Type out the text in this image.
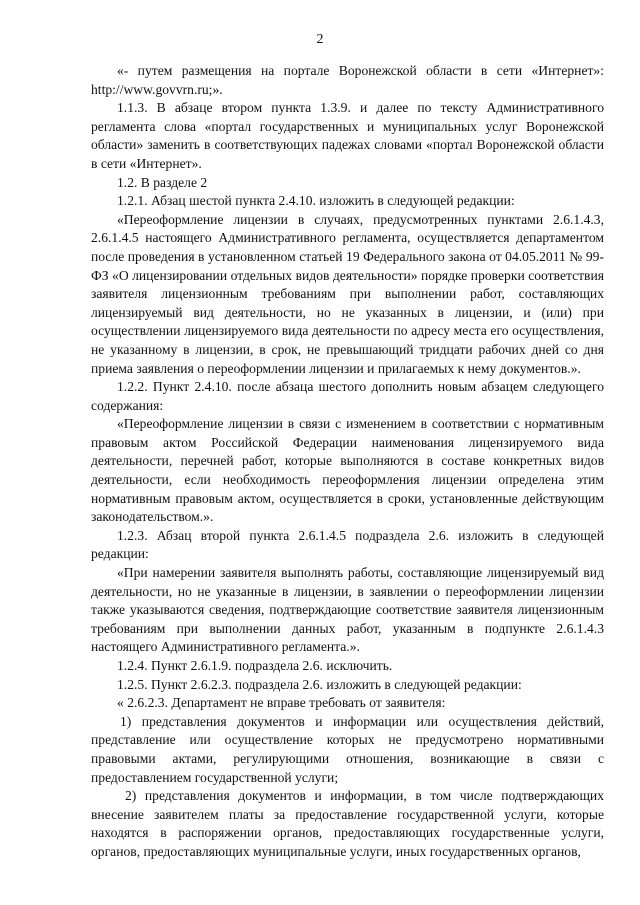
2

«- путем размещения на портале Воронежской области в сети «Интернет»: http://www.govvrn.ru;».

1.1.3. В абзаце втором пункта 1.3.9. и далее по тексту Административного регламента слова «портал государственных и муниципальных услуг Воронежской области» заменить в соответствующих падежах словами «портал Воронежской области в сети «Интернет».

1.2. В разделе 2

1.2.1. Абзац шестой пункта 2.4.10. изложить в следующей редакции:

«Переоформление лицензии в случаях, предусмотренных пунктами 2.6.1.4.3, 2.6.1.4.5 настоящего Административного регламента, осуществляется департаментом после проведения в установленном статьей 19 Федерального закона от 04.05.2011 № 99-ФЗ «О лицензировании отдельных видов деятельности» порядке проверки соответствия заявителя лицензионным требованиям при выполнении работ, составляющих лицензируемый вид деятельности, но не указанных в лицензии, и (или) при осуществлении лицензируемого вида деятельности по адресу места его осуществления, не указанному в лицензии, в срок, не превышающий тридцати рабочих дней со дня приема заявления о переоформлении лицензии и прилагаемых к нему документов.».

1.2.2. Пункт 2.4.10. после абзаца шестого дополнить новым абзацем следующего содержания:

«Переоформление лицензии в связи с изменением в соответствии с нормативным правовым актом Российской Федерации наименования лицензируемого вида деятельности, перечней работ, которые выполняются в составе конкретных видов деятельности, если необходимость переоформления лицензии определена этим нормативным правовым актом, осуществляется в сроки, установленные действующим законодательством.».

1.2.3. Абзац второй пункта 2.6.1.4.5 подраздела 2.6. изложить в следующей редакции:

«При намерении заявителя выполнять работы, составляющие лицензируемый вид деятельности, но не указанные в лицензии, в заявлении о переоформлении лицензии также указываются сведения, подтверждающие соответствие заявителя лицензионным требованиям при выполнении данных работ, указанным в подпункте 2.6.1.4.3 настоящего Административного регламента.».

1.2.4. Пункт 2.6.1.9. подраздела 2.6. исключить.

1.2.5. Пункт 2.6.2.3. подраздела 2.6. изложить в следующей редакции:

« 2.6.2.3. Департамент не вправе требовать от заявителя:

1) представления документов и информации или осуществления действий, представление или осуществление которых не предусмотрено нормативными правовыми актами, регулирующими отношения, возникающие в связи с предоставлением государственной услуги;

2) представления документов и информации, в том числе подтверждающих внесение заявителем платы за предоставление государственной услуги, которые находятся в распоряжении органов, предоставляющих государственные услуги, органов, предоставляющих муниципальные услуги, иных государственных органов,
